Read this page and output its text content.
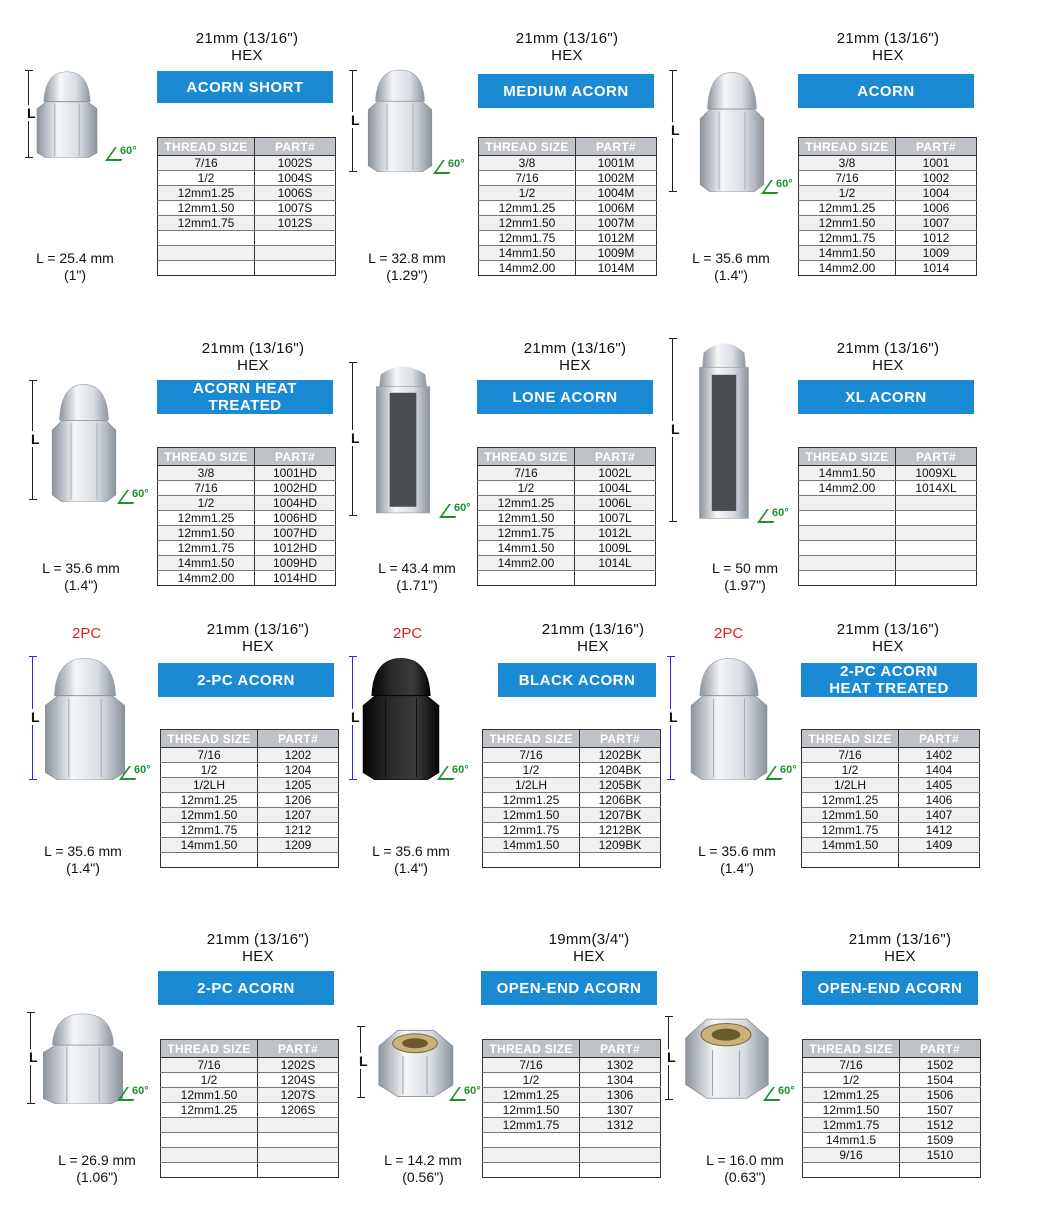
21mm (13/16")
HEX
ACORN SHORT
THREAD SIZE	PART#
7/16	1002S
1/2	1004S
12mm1.25	1006S
12mm1.50	1007S
12mm1.75	1012S

L
60°
L = 25.4 mm
(1")
21mm (13/16")
HEX
MEDIUM ACORN
THREAD SIZE	PART#
3/8	1001M
7/16	1002M
1/2	1004M
12mm1.25	1006M
12mm1.50	1007M
12mm1.75	1012M
14mm1.50	1009M
14mm2.00	1014M
L
60°
L = 32.8 mm
(1.29")
21mm (13/16")
HEX
ACORN
THREAD SIZE	PART#
3/8	1001
7/16	1002
1/2	1004
12mm1.25	1006
12mm1.50	1007
12mm1.75	1012
14mm1.50	1009
14mm2.00	1014
L
60°
L = 35.6 mm
(1.4")
21mm (13/16")
HEX
ACORN HEAT
TREATED
THREAD SIZE	PART#
3/8	1001HD
7/16	1002HD
1/2	1004HD
12mm1.25	1006HD
12mm1.50	1007HD
12mm1.75	1012HD
14mm1.50	1009HD
14mm2.00	1014HD
L
60°
L = 35.6 mm
(1.4")
21mm (13/16")
HEX
LONE ACORN
THREAD SIZE	PART#
7/16	1002L
1/2	1004L
12mm1.25	1006L
12mm1.50	1007L
12mm1.75	1012L
14mm1.50	1009L
14mm2.00	1014L

L
60°
L = 43.4 mm
(1.71")
21mm (13/16")
HEX
XL ACORN
THREAD SIZE	PART#
14mm1.50	1009XL
14mm2.00	1014XL

L
60°
L = 50 mm
(1.97")
21mm (13/16")
HEX
2-PC ACORN
THREAD SIZE	PART#
7/16	1202
1/2	1204
1/2LH	1205
12mm1.25	1206
12mm1.50	1207
12mm1.75	1212
14mm1.50	1209

L
60°
L = 35.6 mm
(1.4")
2PC	21mm (13/16")
HEX
BLACK ACORN
THREAD SIZE	PART#
7/16	1202BK
1/2	1204BK
1/2LH	1205BK
12mm1.25	1206BK
12mm1.50	1207BK
12mm1.75	1212BK
14mm1.50	1209BK

L
60°
L = 35.6 mm
(1.4")
2PC	21mm (13/16")
HEX
2-PC ACORN
HEAT TREATED
THREAD SIZE	PART#
7/16	1402
1/2	1404
1/2LH	1405
12mm1.25	1406
12mm1.50	1407
12mm1.75	1412
14mm1.50	1409

L
60°
L = 35.6 mm
(1.4")
2PC
21mm (13/16")
HEX
2-PC ACORN
THREAD SIZE	PART#
7/16	1202S
1/2	1204S
12mm1.50	1207S
12mm1.25	1206S

L
60°
L = 26.9 mm
(1.06")
19mm(3/4")
HEX
OPEN-END ACORN
THREAD SIZE	PART#
7/16	1302
1/2	1304
12mm1.25	1306
12mm1.50	1307
12mm1.75	1312

L
60°
L = 14.2 mm
(0.56")
21mm (13/16")
HEX
OPEN-END ACORN
THREAD SIZE	PART#
7/16	1502
1/2	1504
12mm1.25	1506
12mm1.50	1507
12mm1.75	1512
14mm1.5	1509
9/16	1510

L
60°
L = 16.0 mm
(0.63")
